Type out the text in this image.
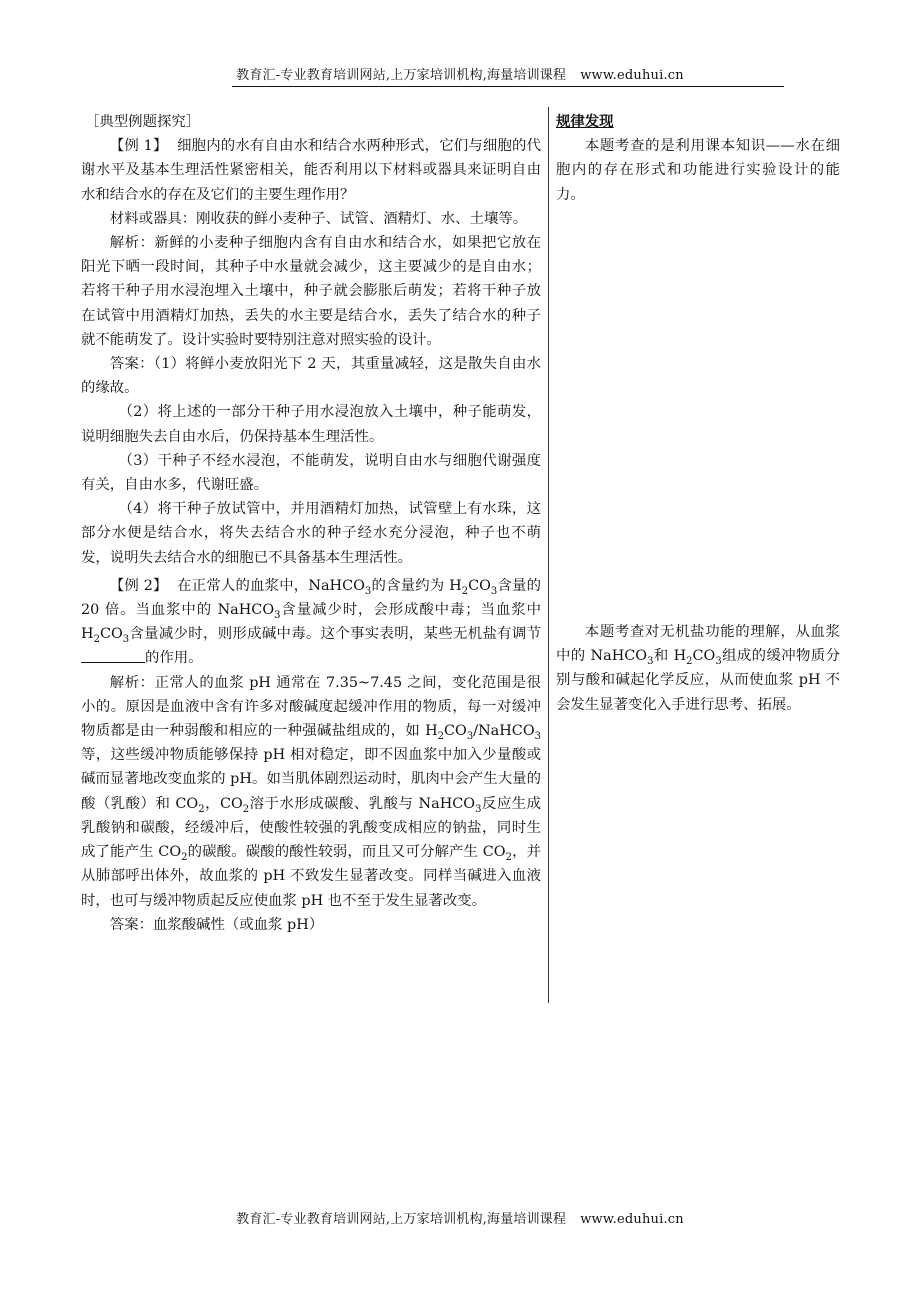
教育汇-专业教育培训网站,上万家培训机构,海量培训课程 www.eduhui.cn
［典型例题探究］

【例 1】 细胞内的水有自由水和结合水两种形式，它们与细胞的代谢水平及基本生理活性紧密相关，能否利用以下材料或器具来证明自由水和结合水的存在及它们的主要生理作用？

材料或器具：刚收获的鲜小麦种子、试管、酒精灯、水、土壤等。

解析：新鲜的小麦种子细胞内含有自由水和结合水，如果把它放在阳光下晒一段时间，其种子中水量就会减少，这主要减少的是自由水；若将干种子用水浸泡埋入土壤中，种子就会膨胀后萌发；若将干种子放在试管中用酒精灯加热，丢失的水主要是结合水，丢失了结合水的种子就不能萌发了。设计实验时要特别注意对照实验的设计。

答案：（1）将鲜小麦放阳光下 2 天，其重量减轻，这是散失自由水的缘故。

（2）将上述的一部分干种子用水浸泡放入土壤中，种子能萌发，说明细胞失去自由水后，仍保持基本生理活性。

（3）干种子不经水浸泡，不能萌发，说明自由水与细胞代谢强度有关，自由水多，代谢旺盛。

（4）将干种子放试管中，并用酒精灯加热，试管壁上有水珠，这部分水便是结合水，将失去结合水的种子经水充分浸泡，种子也不萌发，说明失去结合水的细胞已不具备基本生理活性。

【例 2】 在正常人的血浆中，NaHCO$_3$的含量约为 $H_2CO_3$含量的 20 倍。当血浆中的 NaHCO$_3$含量减少时，会形成酸中毒；当血浆中 $H_2CO_3$含量减少时，则形成碱中毒。这个事实表明，某些无机盐有调节的作用。

解析：正常人的血浆 pH 通常在 7.35~7.45 之间，变化范围是很小的。原因是血液中含有许多对酸碱度起缓冲作用的物质，每一对缓冲物质都是由一种弱酸和相应的一种强碱盐组成的，如 $H_2CO_3/NaHCO_3$等，这些缓冲物质能够保持 pH 相对稳定，即不因血浆中加入少量酸或碱而显著地改变血浆的 pH。如当肌体剧烈运动时，肌肉中会产生大量的酸（乳酸）和 $CO_2$，$CO_2$溶于水形成碳酸、乳酸与 NaHCO$_3$反应生成乳酸钠和碳酸，经缓冲后，使酸性较强的乳酸变成相应的钠盐，同时生成了能产生 $CO_2$的碳酸。碳酸的酸性较弱，而且又可分解产生 $CO_2$，并从肺部呼出体外，故血浆的 pH 不致发生显著改变。同样当碱进入血液时，也可与缓冲物质起反应使血浆 pH 也不至于发生显著改变。

答案：血浆酸碱性（或血浆 pH）

规律发现

本题考查的是利用课本知识——水在细胞内的存在形式和功能进行实验设计的能力。

本题考查对无机盐功能的理解，从血浆中的 NaHCO$_3$和 $H_2CO_3$组成的缓冲物质分别与酸和碱起化学反应，从而使血浆 pH 不会发生显著变化入手进行思考、拓展。

教育汇-专业教育培训网站,上万家培训机构,海量培训课程 www.eduhui.cn
